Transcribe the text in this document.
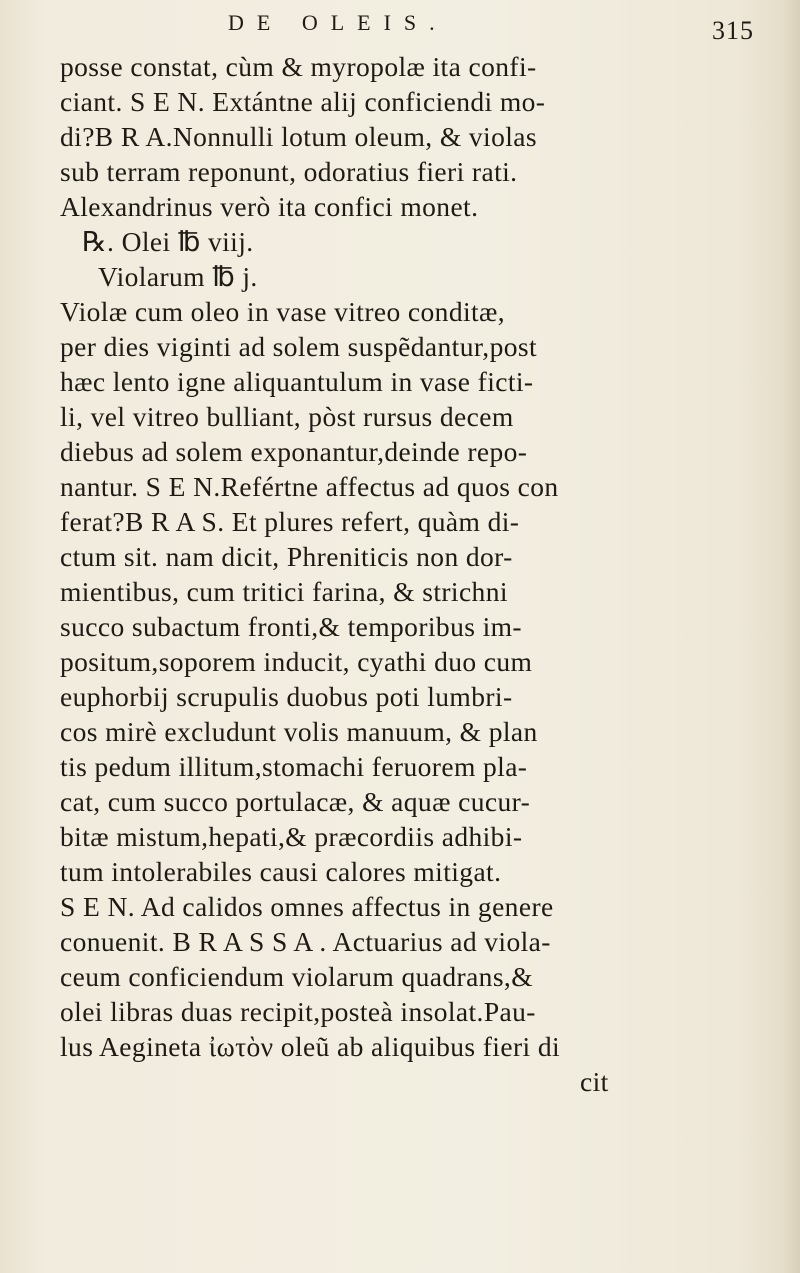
DE OLEIS.	315
posse constat, cùm & myropolæ ita confi-
ciant. S E N. Extántne alij conficiendi mo-
di?B R A.Nonnulli lotum oleum, & violas
sub terram reponunt, odoratius fieri rati.
Alexandrinus verò ita confici monet.
℞. Olei ℔ viij.
Violarum ℔ j.
Violæ cum oleo in vase vitreo conditæ,
per dies viginti ad solem suspẽdantur,post
hæc lento igne aliquantulum in vase ficti-
li, vel vitreo bulliant, pòst rursus decem
diebus ad solem exponantur,deinde repo-
nantur. S E N.Refértne affectus ad quos con
ferat?B R A S. Et plures refert, quàm di-
ctum sit. nam dicit, Phreniticis non dor-
mientibus, cum tritici farina, & strichni
succo subactum fronti,& temporibus im-
positum,soporem inducit, cyathi duo cum
euphorbij scrupulis duobus poti lumbri-
cos mirè excludunt volis manuum, & plan
tis pedum illitum,stomachi feruorem pla-
cat, cum succo portulacæ, & aquæ cucur-
bitæ mistum,hepati,& præcordiis adhibi-
tum intolerabiles causi calores mitigat.
S E N. Ad calidos omnes affectus in genere
conuenit. B R A S S A . Actuarius ad viola-
ceum conficiendum violarum quadrans,&
olei libras duas recipit,posteà insolat.Pau-
lus Aegineta ἰωτὸν oleũ ab aliquibus fieri di
cit
